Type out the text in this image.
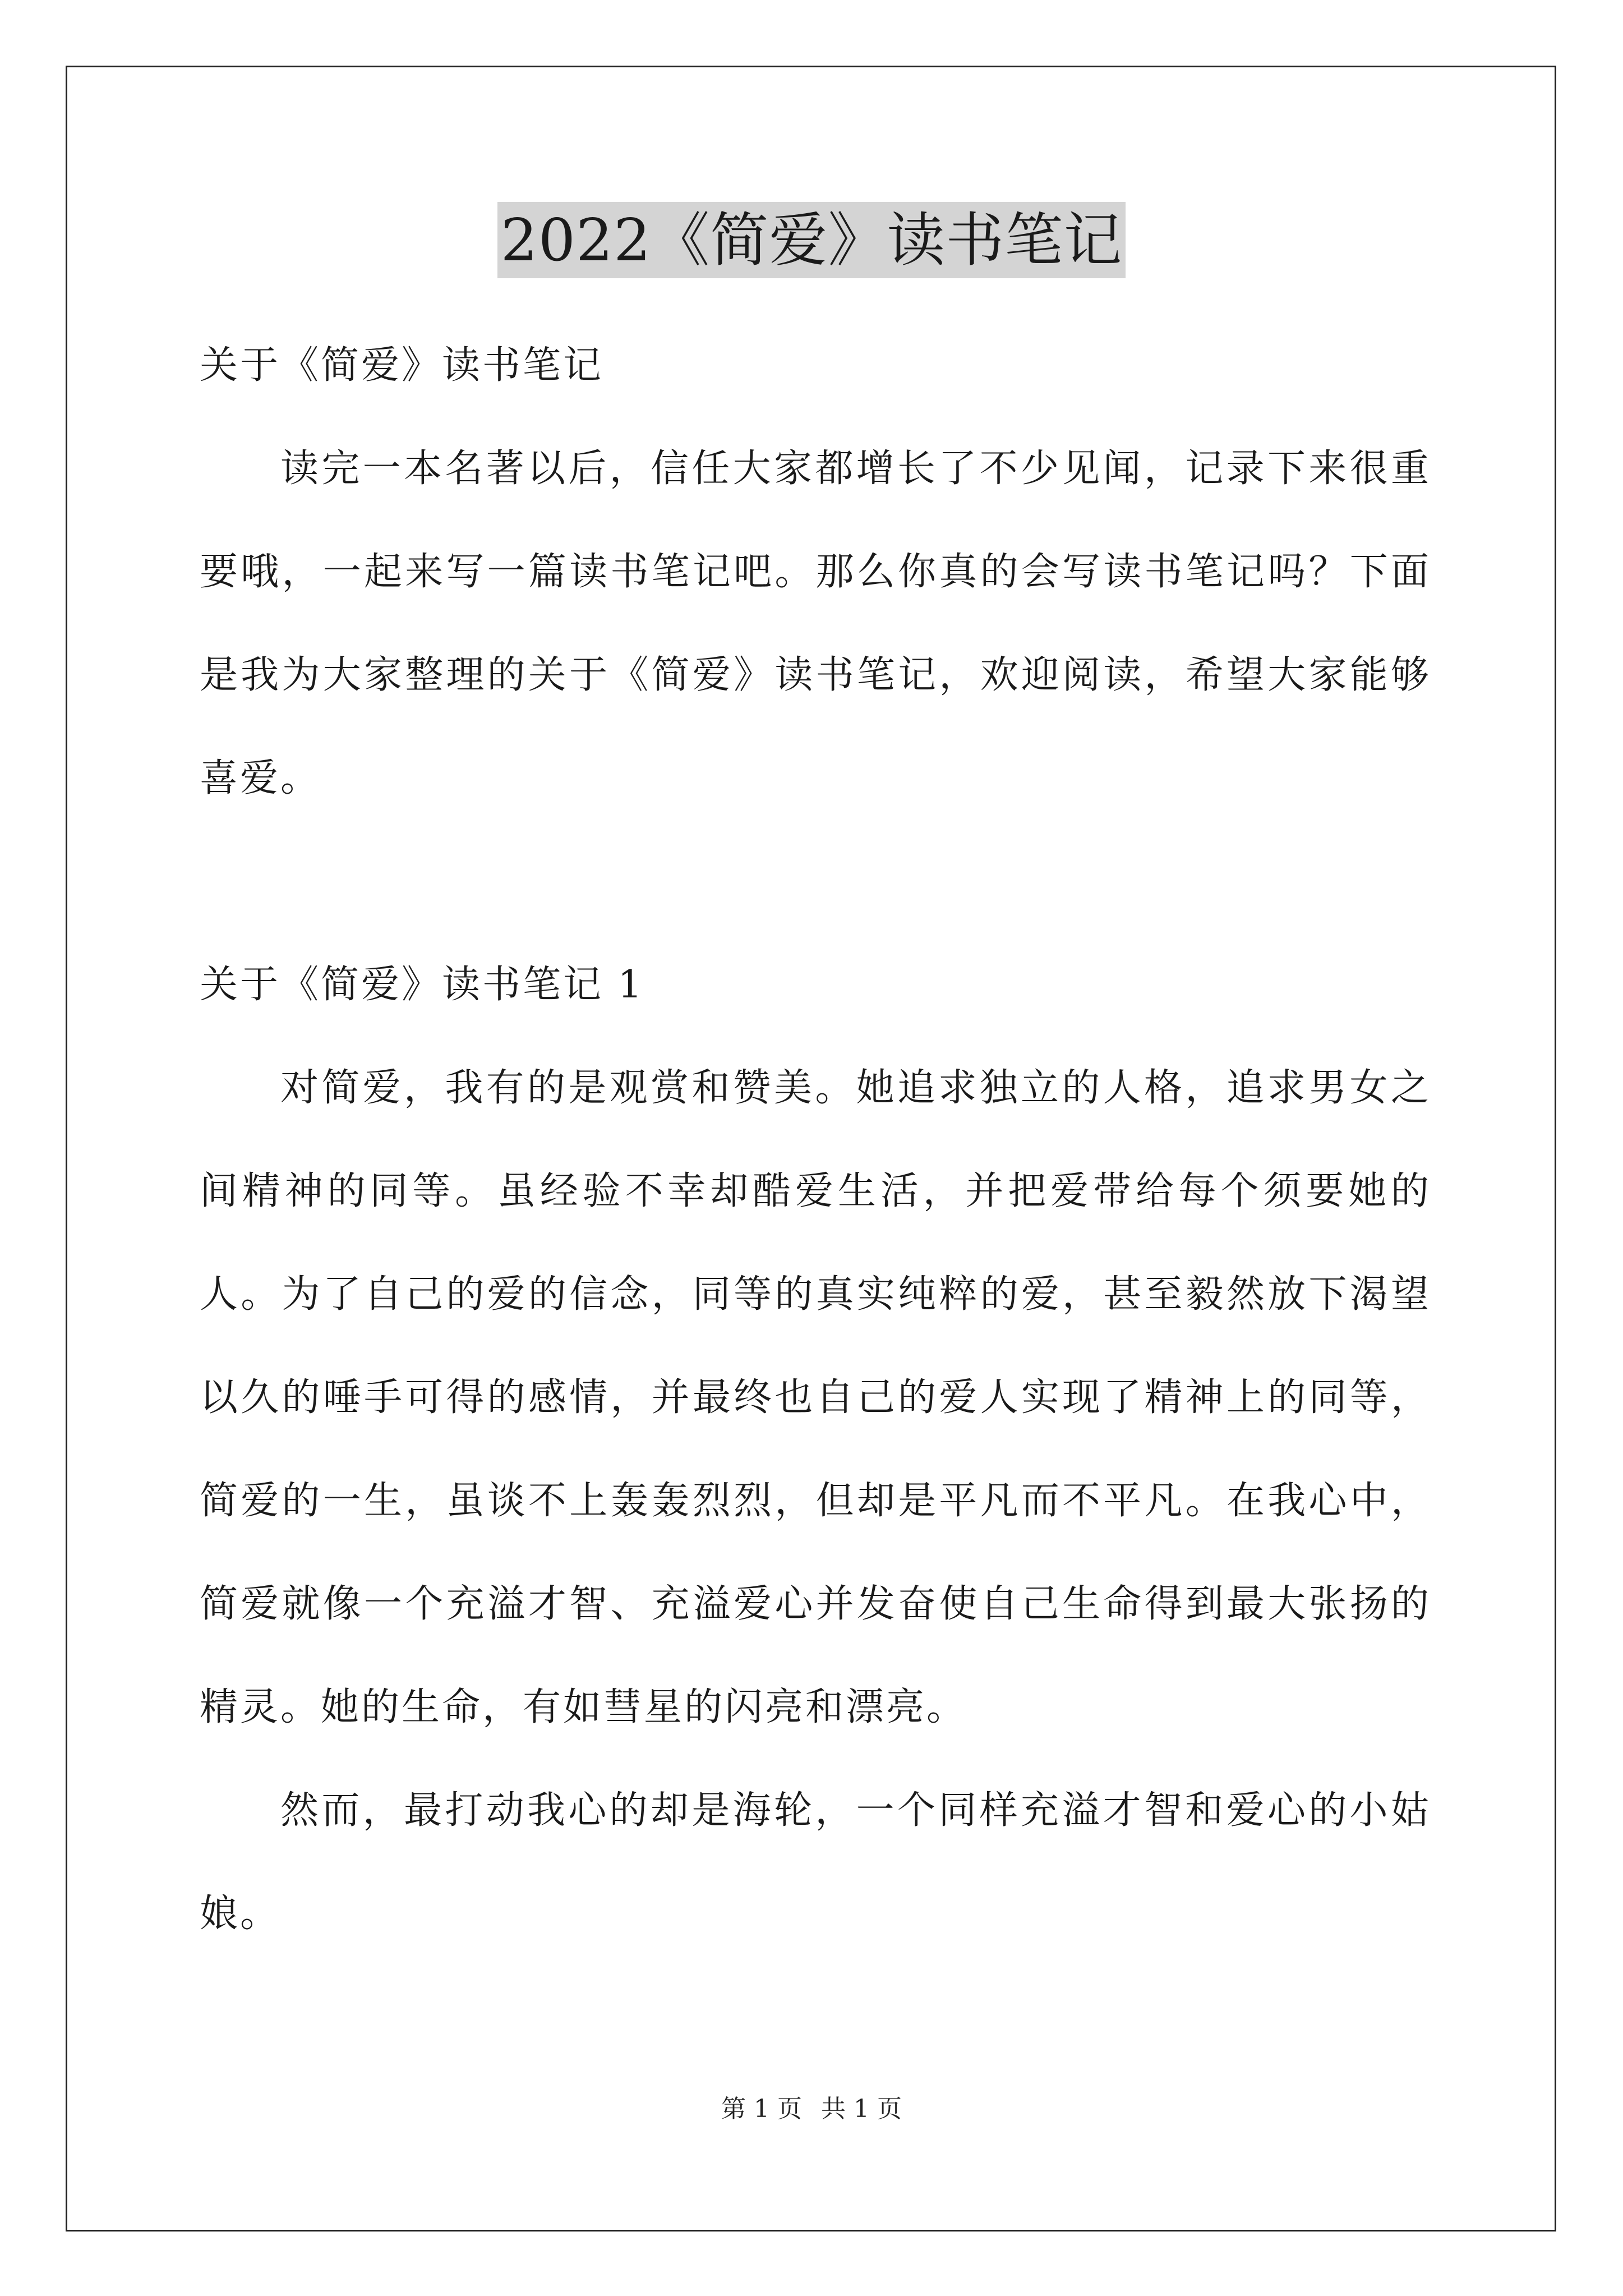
2022《简爱》读书笔记

关于《简爱》读书笔记

读完一本名著以后，信任大家都增长了不少见闻，记录下来很重要哦，一起来写一篇读书笔记吧。那么你真的会写读书笔记吗？下面是我为大家整理的关于《简爱》读书笔记，欢迎阅读，希望大家能够喜爱。

关于《简爱》读书笔记 1

对简爱，我有的是观赏和赞美。她追求独立的人格，追求男女之间精神的同等。虽经验不幸却酷爱生活，并把爱带给每个须要她的人。为了自己的爱的信念，同等的真实纯粹的爱，甚至毅然放下渴望以久的唾手可得的感情，并最终也自己的爱人实现了精神上的同等，简爱的一生，虽谈不上轰轰烈烈，但却是平凡而不平凡。在我心中，简爱就像一个充溢才智、充溢爱心并发奋使自己生命得到最大张扬的精灵。她的生命，有如彗星的闪亮和漂亮。

然而，最打动我心的却是海轮，一个同样充溢才智和爱心的小姑娘。

第 1 页 共 1 页
